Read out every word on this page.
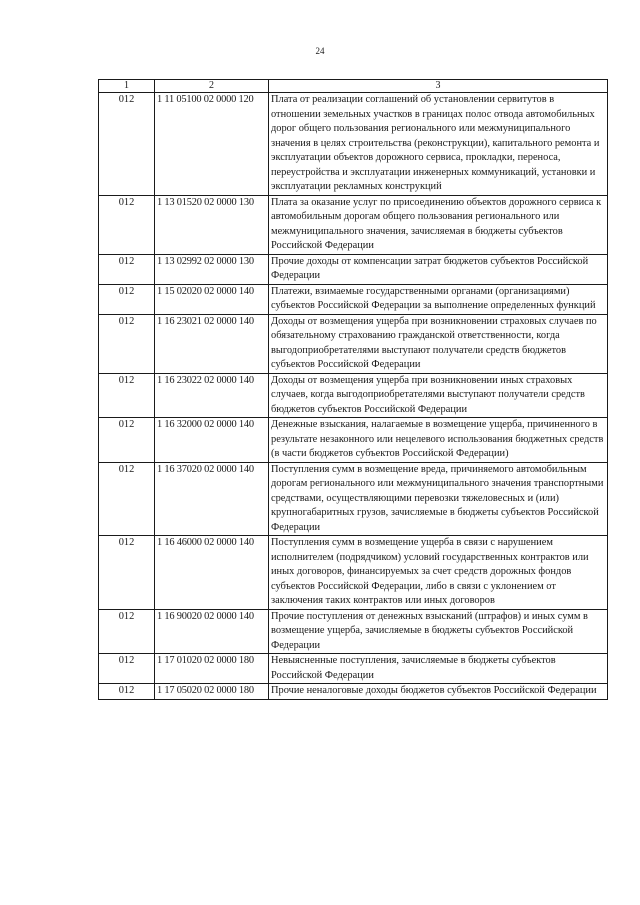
24
1	2	3
012	1 11 05100 02 0000 120	Плата от реализации соглашений об установлении сервитутов в отношении земельных участков в границах полос отвода автомобильных дорог общего пользования регионального или межмуниципального значения в целях строительства (реконструкции), капитального ремонта и эксплуатации объектов дорожного сервиса, прокладки, переноса, переустройства и эксплуатации инженерных коммуникаций, установки и эксплуатации рекламных конструкций
012	1 13 01520 02 0000 130	Плата за оказание услуг по присоединению объектов дорожного сервиса к автомобильным дорогам общего пользования регионального или межмуниципального значения, зачисляемая в бюджеты субъектов Российской Федерации
012	1 13 02992 02 0000 130	Прочие доходы от компенсации затрат бюджетов субъектов Российской Федерации
012	1 15 02020 02 0000 140	Платежи, взимаемые государственными органами (организациями) субъектов Российской Федерации за выполнение определенных функций
012	1 16 23021 02 0000 140	Доходы от возмещения ущерба при возникновении страховых случаев по обязательному страхованию гражданской ответственности, когда выгодоприобретателями выступают получатели средств бюджетов субъектов Российской Федерации
012	1 16 23022 02 0000 140	Доходы от возмещения ущерба при возникновении иных страховых случаев, когда выгодоприобретателями выступают получатели средств бюджетов субъектов Российской Федерации
012	1 16 32000 02 0000 140	Денежные взыскания, налагаемые в возмещение ущерба, причиненного в результате незаконного или нецелевого использования бюджетных средств (в части бюджетов субъектов Российской Федерации)
012	1 16 37020 02 0000 140	Поступления сумм в возмещение вреда, причиняемого автомобильным дорогам регионального или межмуниципального значения транспортными средствами, осуществляющими перевозки тяжеловесных и (или) крупногабаритных грузов, зачисляемые в бюджеты субъектов Российской Федерации
012	1 16 46000 02 0000 140	Поступления сумм в возмещение ущерба в связи с нарушением исполнителем (подрядчиком) условий государственных контрактов или иных договоров, финансируемых за счет средств дорожных фондов субъектов Российской Федерации, либо в связи с уклонением от заключения таких контрактов или иных договоров
012	1 16 90020 02 0000 140	Прочие поступления от денежных взысканий (штрафов) и иных сумм в возмещение ущерба, зачисляемые в бюджеты субъектов Российской Федерации
012	1 17 01020 02 0000 180	Невыясненные поступления, зачисляемые в бюджеты субъектов Российской Федерации
012	1 17 05020 02 0000 180	Прочие неналоговые доходы бюджетов субъектов Российской Федерации
